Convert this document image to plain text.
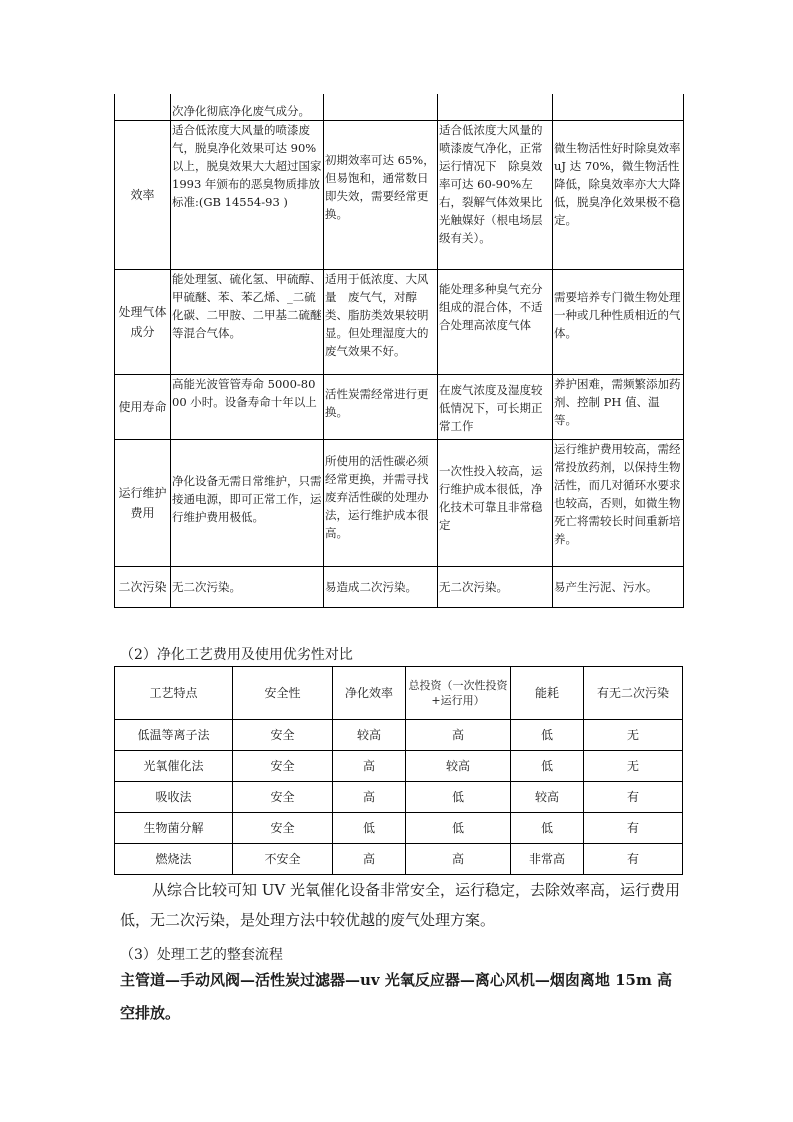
	次净化彻底净化废气成分。			
效率	适合低浓度大风量的喷漆废气，脱臭净化效果可达 90%以上，脱臭效果大大超过国家 1993 年颁布的恶臭物质排放标准:(GB 14554-93 )	初期效率可达 65%，但易饱和，通常数日即失效，需要经常更换。	适合低浓度大风量的喷漆废气净化，正常运行情况下　除臭效率可达 60-90%左右，裂解气体效果比光触媒好（根电场层级有关）。	微生物活性好时除臭效率 uJ 达 70%，微生物活性降低，除臭效率亦大大降低，脱臭净化效果极不稳定。
处理气体成分	能处理氢、硫化氢、甲硫醇、甲硫醚、苯、苯乙烯、_二硫化碳、二甲胺、二甲基二硫醚等混合气体。	适用于低浓度、大风量　废气气，对醇类、脂肪类效果较明显。但处理湿度大的废气效果不好。	能处理多种臭气充分组成的混合体，不适合处理高浓度气体	需要培养专门微生物处理一种或几种性质相近的气体。
使用寿命	高能光波管管寿命 5000-8000 小时。设备寿命十年以上	活性炭需经常进行更换。	在废气浓度及湿度较低情况下，可长期正常工作	养护困难，需频繁添加药剂、控制 PH 值、温等。
运行维护费用	净化设备无需日常维护，只需接通电源，即可正常工作，运行维护费用极低。	所使用的活性碳必须经常更换，并需寻找废弃活性碳的处理办法，运行维护成本很高。	一次性投入较高，运行维护成本很低，净化技术可靠且非常稳定	运行维护费用较高，需经常投放药剂，以保持生物活性，而几对循环水要求也较高，否则，如微生物死亡将需较长时间重新培养。
二次污染	无二次污染。	易造成二次污染。	无二次污染。	易产生污泥、污水。
（2）净化工艺费用及使用优劣性对比
工艺特点	安全性	净化效率	总投资（一次性投资+运行用）	能耗	有无二次污染
低温等离子法	安全	较高	高	低	无
光氧催化法	安全	高	较高	低	无
吸收法	安全	高	低	较高	有
生物菌分解	安全	低	低	低	有
燃烧法	不安全	高	高	非常高	有

从综合比较可知 UV 光氧催化设备非常安全，运行稳定，去除效率高，运行费用低，无二次污染，是处理方法中较优越的废气处理方案。

（3）处理工艺的整套流程

主管道—手动风阀—活性炭过滤器—uv 光氧反应器—离心风机—烟囱离地 15m 高空排放。
